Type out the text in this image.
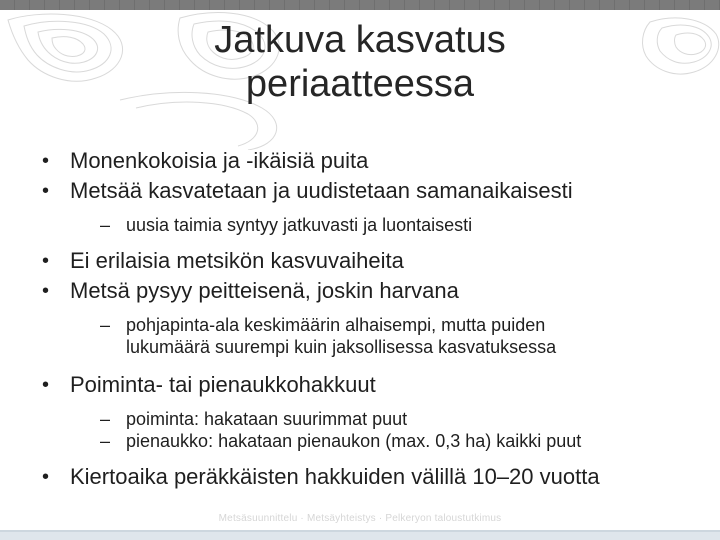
Jatkuva kasvatus
periaatteessa
• Monenkokoisia ja -ikäisiä puita
• Metsää kasvatetaan ja uudistetaan samanaikaisesti
– uusia taimia syntyy jatkuvasti ja luontaisesti
• Ei erilaisia metsikön kasvuvaiheita
• Metsä pysyy peitteisenä, joskin harvana
– pohjapinta-ala keskimäärin alhaisempi, mutta puiden
lukumäärä suurempi kuin jaksollisessa kasvatuksessa
• Poiminta- tai pienaukkohakkuut
– poiminta: hakataan suurimmat puut
– pienaukko: hakataan pienaukon (max. 0,3 ha) kaikki puut
• Kiertoaika peräkkäisten hakkuiden välillä 10–20 vuotta
Metsäsuunnittelu · Metsäyhteistys · Pelkeryon taloustutkimus
